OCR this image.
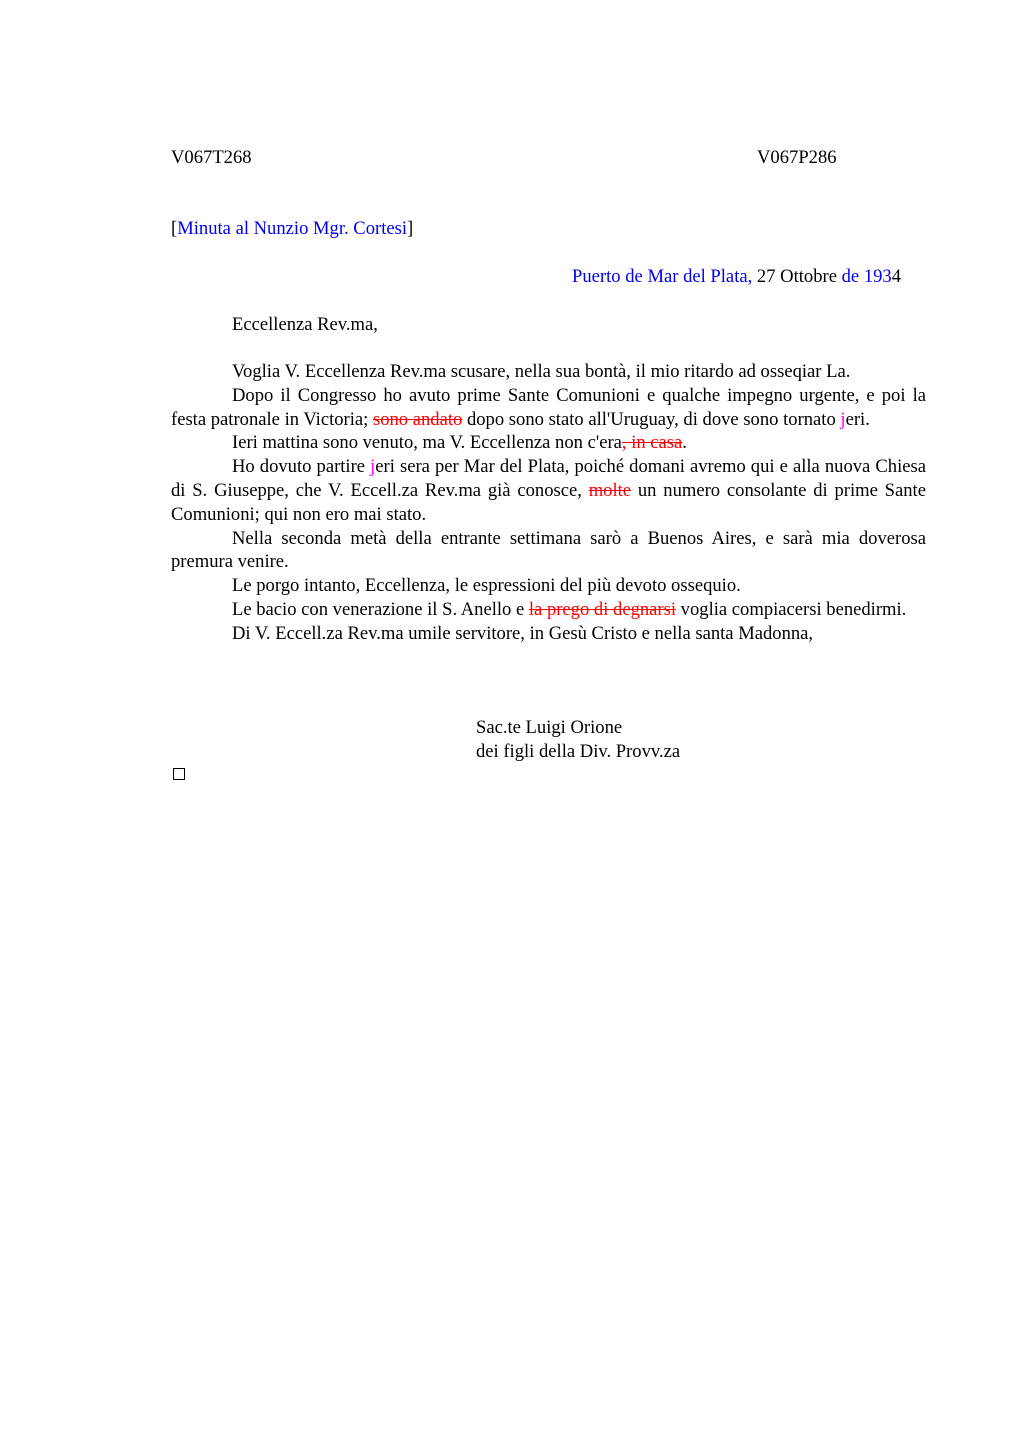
V067T268	V067P286
[Minuta al Nunzio Mgr. Cortesi]
Puerto de Mar del Plata, 27 Ottobre de 1934
Eccellenza Rev.ma,

Voglia V. Eccellenza Rev.ma scusare, nella sua bontà, il mio ritardo ad osseqiar La.

Dopo il Congresso ho avuto prime Sante Comunioni e qualche impegno urgente, e poi la festa patronale in Victoria; sono andato dopo sono stato all'Uruguay, di dove sono tornato jeri.

Ieri mattina sono venuto, ma V. Eccellenza non c'era, in casa.

Ho dovuto partire jeri sera per Mar del Plata, poiché domani avremo qui e alla nuova Chiesa di S. Giuseppe, che V. Eccell.za Rev.ma già conosce, molte un numero consolante di prime Sante Comunioni; qui non ero mai stato.

Nella seconda metà della entrante settimana sarò a Buenos Aires, e sarà mia doverosa premura venire.

Le porgo intanto, Eccellenza, le espressioni del più devoto ossequio.

Le bacio con venerazione il S. Anello e la prego di degnarsi voglia compiacersi benedirmi.

Di V. Eccell.za Rev.ma umile servitore, in Gesù Cristo e nella santa Madonna,

Sac.te Luigi Orione
dei figli della Div. Provv.za
